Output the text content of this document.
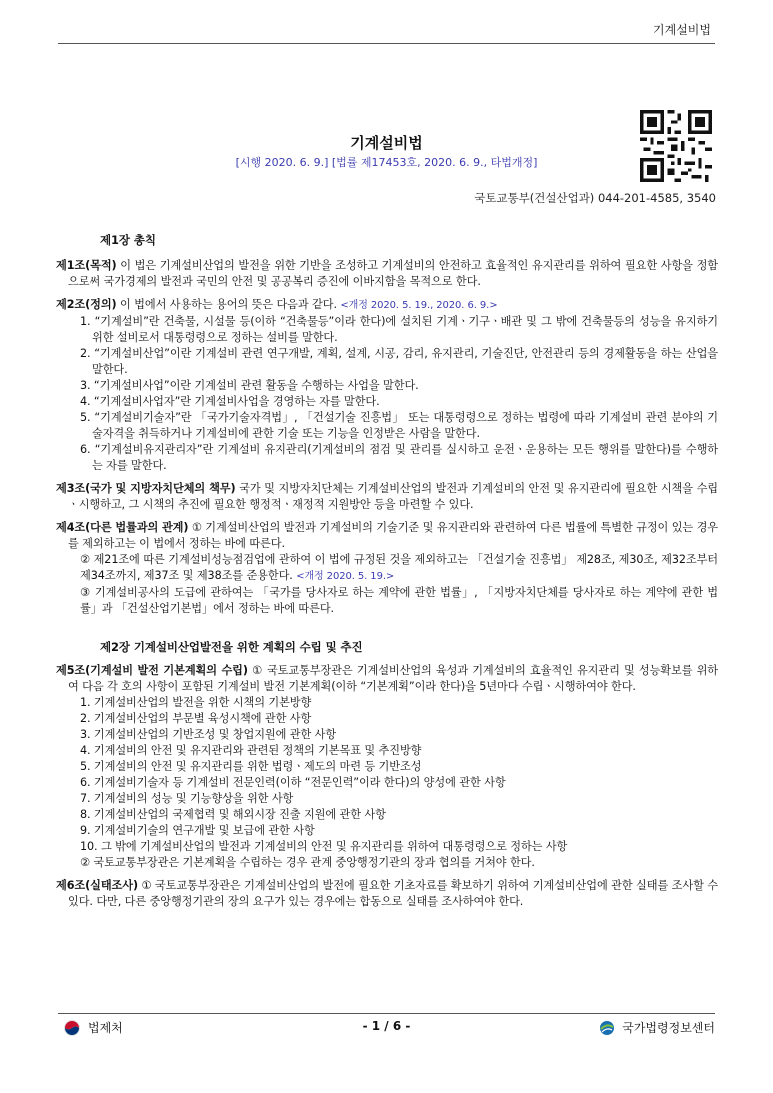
기계설비법
기계설비법
[시행 2020. 6. 9.] [법률 제17453호, 2020. 6. 9., 타법개정]
국토교통부(건설산업과) 044-201-4585, 3540
제1장 총칙

제1조(목적) 이 법은 기계설비산업의 발전을 위한 기반을 조성하고 기계설비의 안전하고 효율적인 유지관리를 위하여 필요한 사항을 정함으로써 국가경제의 발전과 국민의 안전 및 공공복리 증진에 이바지함을 목적으로 한다.

제2조(정의) 이 법에서 사용하는 용어의 뜻은 다음과 같다. <개정 2020. 5. 19., 2020. 6. 9.>
1. “기계설비”란 건축물, 시설물 등(이하 “건축물등”이라 한다)에 설치된 기계ㆍ기구ㆍ배관 및 그 밖에 건축물등의 성능을 유지하기 위한 설비로서 대통령령으로 정하는 설비를 말한다.
2. “기계설비산업”이란 기계설비 관련 연구개발, 계획, 설계, 시공, 감리, 유지관리, 기술진단, 안전관리 등의 경제활동을 하는 산업을 말한다.
3. “기계설비사업”이란 기계설비 관련 활동을 수행하는 사업을 말한다.
4. “기계설비사업자”란 기계설비사업을 경영하는 자를 말한다.
5. “기계설비기술자”란 「국가기술자격법」, 「건설기술 진흥법」 또는 대통령령으로 정하는 법령에 따라 기계설비 관련 분야의 기술자격을 취득하거나 기계설비에 관한 기술 또는 기능을 인정받은 사람을 말한다.
6. “기계설비유지관리자”란 기계설비 유지관리(기계설비의 점검 및 관리를 실시하고 운전ㆍ운용하는 모든 행위를 말한다)를 수행하는 자를 말한다.

제3조(국가 및 지방자치단체의 책무) 국가 및 지방자치단체는 기계설비산업의 발전과 기계설비의 안전 및 유지관리에 필요한 시책을 수립ㆍ시행하고, 그 시책의 추진에 필요한 행정적ㆍ재정적 지원방안 등을 마련할 수 있다.

제4조(다른 법률과의 관계) ① 기계설비산업의 발전과 기계설비의 기술기준 및 유지관리와 관련하여 다른 법률에 특별한 규정이 있는 경우를 제외하고는 이 법에서 정하는 바에 따른다.
② 제21조에 따른 기계설비성능점검업에 관하여 이 법에 규정된 것을 제외하고는 「건설기술 진흥법」 제28조, 제30조, 제32조부터 제34조까지, 제37조 및 제38조를 준용한다. <개정 2020. 5. 19.>
③ 기계설비공사의 도급에 관하여는 「국가를 당사자로 하는 계약에 관한 법률」, 「지방자치단체를 당사자로 하는 계약에 관한 법률」과 「건설산업기본법」에서 정하는 바에 따른다.
제2장 기계설비산업발전을 위한 계획의 수립 및 추진
제5조(기계설비 발전 기본계획의 수립) ① 국토교통부장관은 기계설비산업의 육성과 기계설비의 효율적인 유지관리 및 성능확보를 위하여 다음 각 호의 사항이 포함된 기계설비 발전 기본계획(이하 “기본계획”이라 한다)을 5년마다 수립ㆍ시행하여야 한다.
1. 기계설비산업의 발전을 위한 시책의 기본방향
2. 기계설비산업의 부문별 육성시책에 관한 사항
3. 기계설비산업의 기반조성 및 창업지원에 관한 사항
4. 기계설비의 안전 및 유지관리와 관련된 정책의 기본목표 및 추진방향
5. 기계설비의 안전 및 유지관리를 위한 법령ㆍ제도의 마련 등 기반조성
6. 기계설비기술자 등 기계설비 전문인력(이하 “전문인력”이라 한다)의 양성에 관한 사항
7. 기계설비의 성능 및 기능향상을 위한 사항
8. 기계설비산업의 국제협력 및 해외시장 진출 지원에 관한 사항
9. 기계설비기술의 연구개발 및 보급에 관한 사항
10. 그 밖에 기계설비산업의 발전과 기계설비의 안전 및 유지관리를 위하여 대통령령으로 정하는 사항
② 국토교통부장관은 기본계획을 수립하는 경우 관계 중앙행정기관의 장과 협의를 거쳐야 한다.

제6조(실태조사) ① 국토교통부장관은 기계설비산업의 발전에 필요한 기초자료를 확보하기 위하여 기계설비산업에 관한 실태를 조사할 수 있다. 다만, 다른 중앙행정기관의 장의 요구가 있는 경우에는 합동으로 실태를 조사하여야 한다.

법제처	- 1 / 6 -	국가법령정보센터
